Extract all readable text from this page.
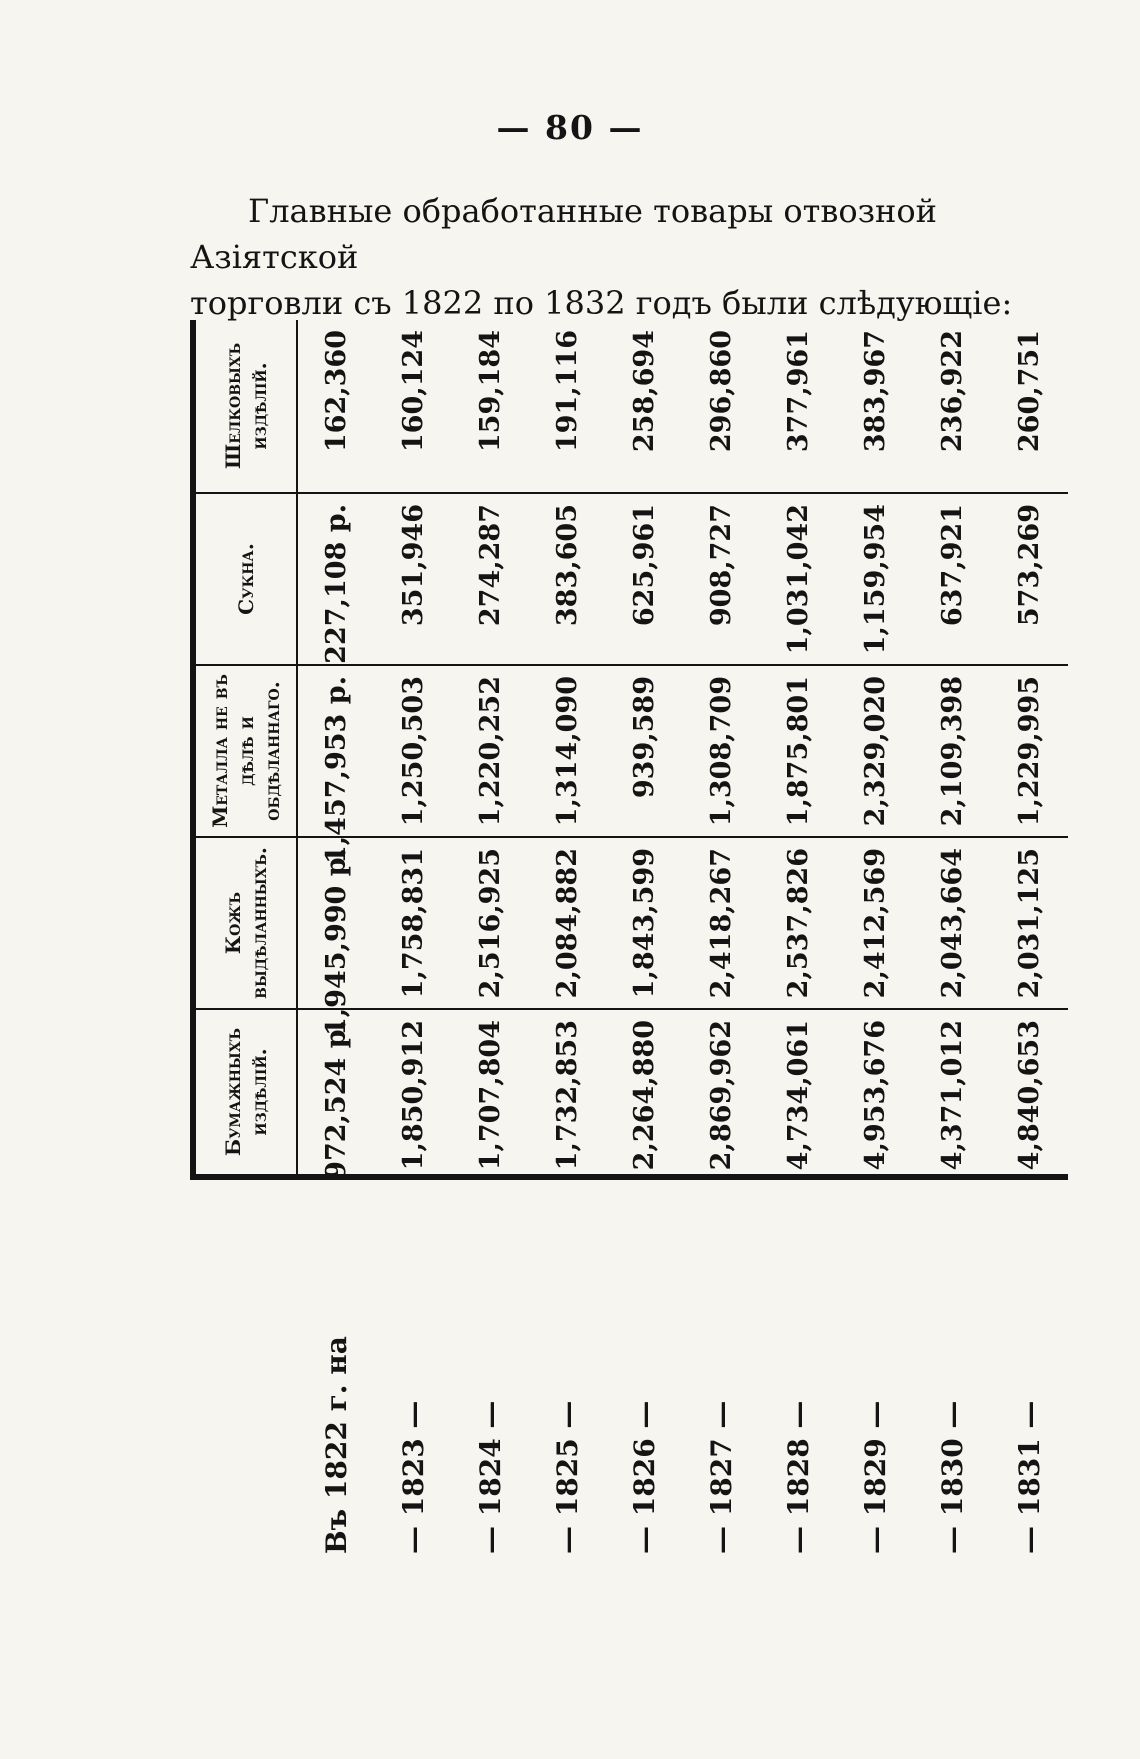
— 80 —

Главные обработанные товары отвозной Азіятской

торговли съ 1822 по 1832 годъ были слѣдующіе:

Бумажныхъ издѣлій.
Кожъ выдѣланныхъ.
Металла не въ дѣлѣ и обдѣланнаго.
Сукна.
Шелковыхъ издѣлій.
Въ 1822 г. на
972,524 р.
1,945,990 р.
1,457,953 р.
227,108 р.
162,360
— 1823 —
1,850,912
1,758,831
1,250,503
351,946
160,124
— 1824 —
1,707,804
2,516,925
1,220,252
274,287
159,184
— 1825 —
1,732,853
2,084,882
1,314,090
383,605
191,116
— 1826 —
2,264,880
1,843,599
939,589
625,961
258,694
— 1827 —
2,869,962
2,418,267
1,308,709
908,727
296,860
— 1828 —
4,734,061
2,537,826
1,875,801
1,031,042
377,961
— 1829 —
4,953,676
2,412,569
2,329,020
1,159,954
383,967
— 1830 —
4,371,012
2,043,664
2,109,398
637,921
236,922
— 1831 —
4,840,653
2,031,125
1,229,995
573,269
260,751
